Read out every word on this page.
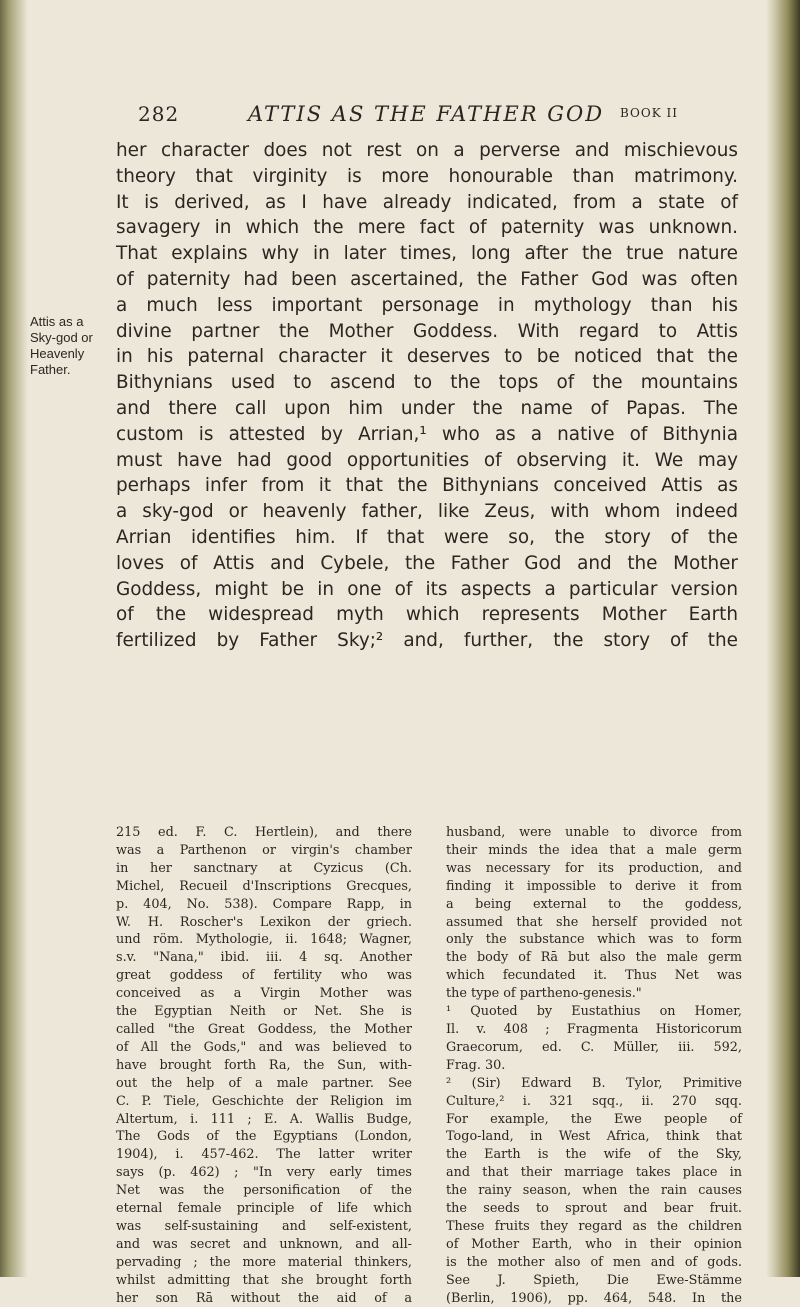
282	ATTIS AS THE FATHER GOD BOOK II
Attis as a
Sky-god or
Heavenly
Father.
her character does not rest on a perverse and mischievous
theory that virginity is more honourable than matrimony.
It is derived, as I have already indicated, from a state of
savagery in which the mere fact of paternity was unknown.
That explains why in later times, long after the true nature
of paternity had been ascertained, the Father God was often
a much less important personage in mythology than his
divine partner the Mother Goddess. With regard to Attis
in his paternal character it deserves to be noticed that the
Bithynians used to ascend to the tops of the mountains
and there call upon him under the name of Papas. The
custom is attested by Arrian,¹ who as a native of Bithynia
must have had good opportunities of observing it. We may
perhaps infer from it that the Bithynians conceived Attis as
a sky-god or heavenly father, like Zeus, with whom indeed
Arrian identifies him. If that were so, the story of the
loves of Attis and Cybele, the Father God and the Mother
Goddess, might be in one of its aspects a particular version
of the widespread myth which represents Mother Earth
fertilized by Father Sky;² and, further, the story of the
215 ed. F. C. Hertlein), and there
was a Parthenon or virgin's chamber
in her sanctnary at Cyzicus (Ch.
Michel, Recueil d'Inscriptions Grecques,
p. 404, No. 538). Compare Rapp, in
W. H. Roscher's Lexikon der griech.
und röm. Mythologie, ii. 1648; Wagner,
s.v. "Nana," ibid. iii. 4 sq. Another
great goddess of fertility who was
conceived as a Virgin Mother was
the Egyptian Neith or Net. She is
called "the Great Goddess, the Mother
of All the Gods," and was believed to
have brought forth Ra, the Sun, with-
out the help of a male partner. See
C. P. Tiele, Geschichte der Religion im
Altertum, i. 111 ; E. A. Wallis Budge,
The Gods of the Egyptians (London,
1904), i. 457-462. The latter writer
says (p. 462) ; "In very early times
Net was the personification of the
eternal female principle of life which
was self-sustaining and self-existent,
and was secret and unknown, and all-
pervading ; the more material thinkers,
whilst admitting that she brought forth
her son Rā without the aid of a
husband, were unable to divorce from
their minds the idea that a male germ
was necessary for its production, and
finding it impossible to derive it from
a being external to the goddess,
assumed that she herself provided not
only the substance which was to form
the body of Rā but also the male germ
which fecundated it. Thus Net was
the type of partheno-genesis."
¹ Quoted by Eustathius on Homer,
Il. v. 408 ; Fragmenta Historicorum
Graecorum, ed. C. Müller, iii. 592,
Frag. 30.
² (Sir) Edward B. Tylor, Primitive
Culture,² i. 321 sqq., ii. 270 sqq.
For example, the Ewe people of
Togo-land, in West Africa, think that
the Earth is the wife of the Sky,
and that their marriage takes place in
the rainy season, when the rain causes
the seeds to sprout and bear fruit.
These fruits they regard as the children
of Mother Earth, who in their opinion
is the mother also of men and of gods.
See J. Spieth, Die Ewe-Stämme
(Berlin, 1906), pp. 464, 548. In the
